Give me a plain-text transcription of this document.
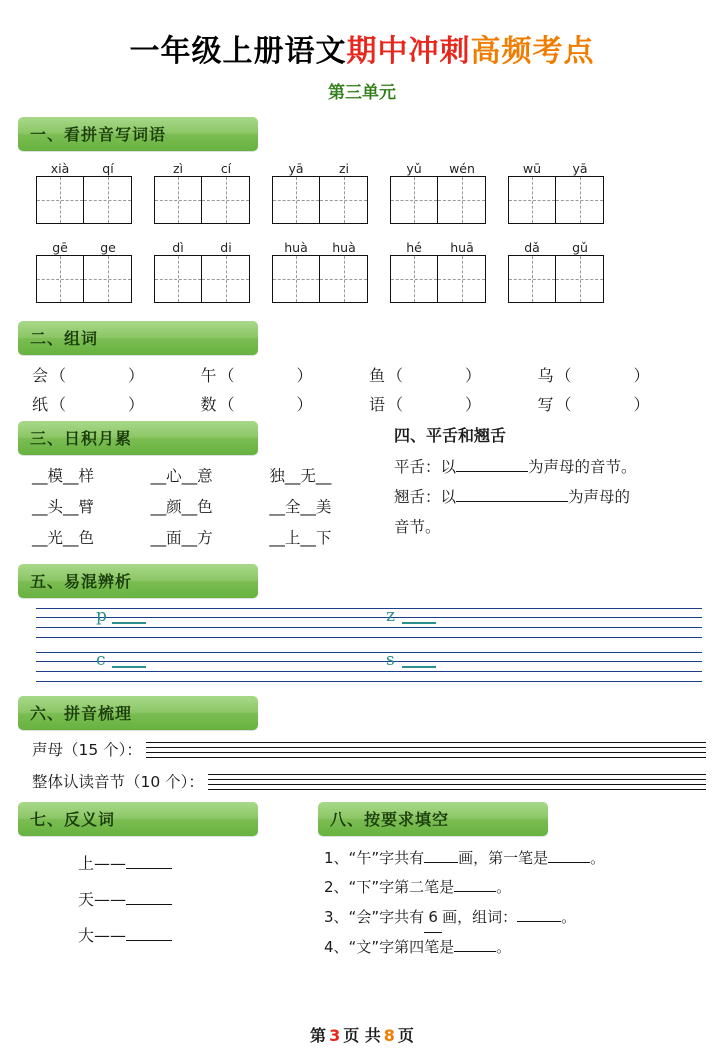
一年级上册语文期中冲刺高频考点
第三单元
一、看拼音写词语
xià	qí	zì	cí	yā	zi	yǔ	wén	wū	yā
gē	ge	dì	di	huà	huà	hé	huā	dǎ	gǔ
二、组词
会 （	）	午 （	）	鱼 （	）	乌 （	）
纸 （	）	数 （	）	语 （	）	写 （	）
三、日积月累
__模__样	__心__意	独__无__
__头__臂	__颜__色	__全__美
__光__色	__面__方	__上__下
四、平舌和翘舌
平舌：以	为声母的音节。
翘舌：以	为声母的
音节。
五、易混辨析
p	z
c	s
六、拼音梳理
声母（15 个）：
整体认读音节（10 个）：
七、反义词
上——
天——
大——
八、按要求填空
1、“午”字共有 画，第一笔是	。
2、“下”字第二笔是	。
3、“会”字共有 6 画，组词：	。
4、“文”字第四笔是	。
第 3 页 共 8 页
